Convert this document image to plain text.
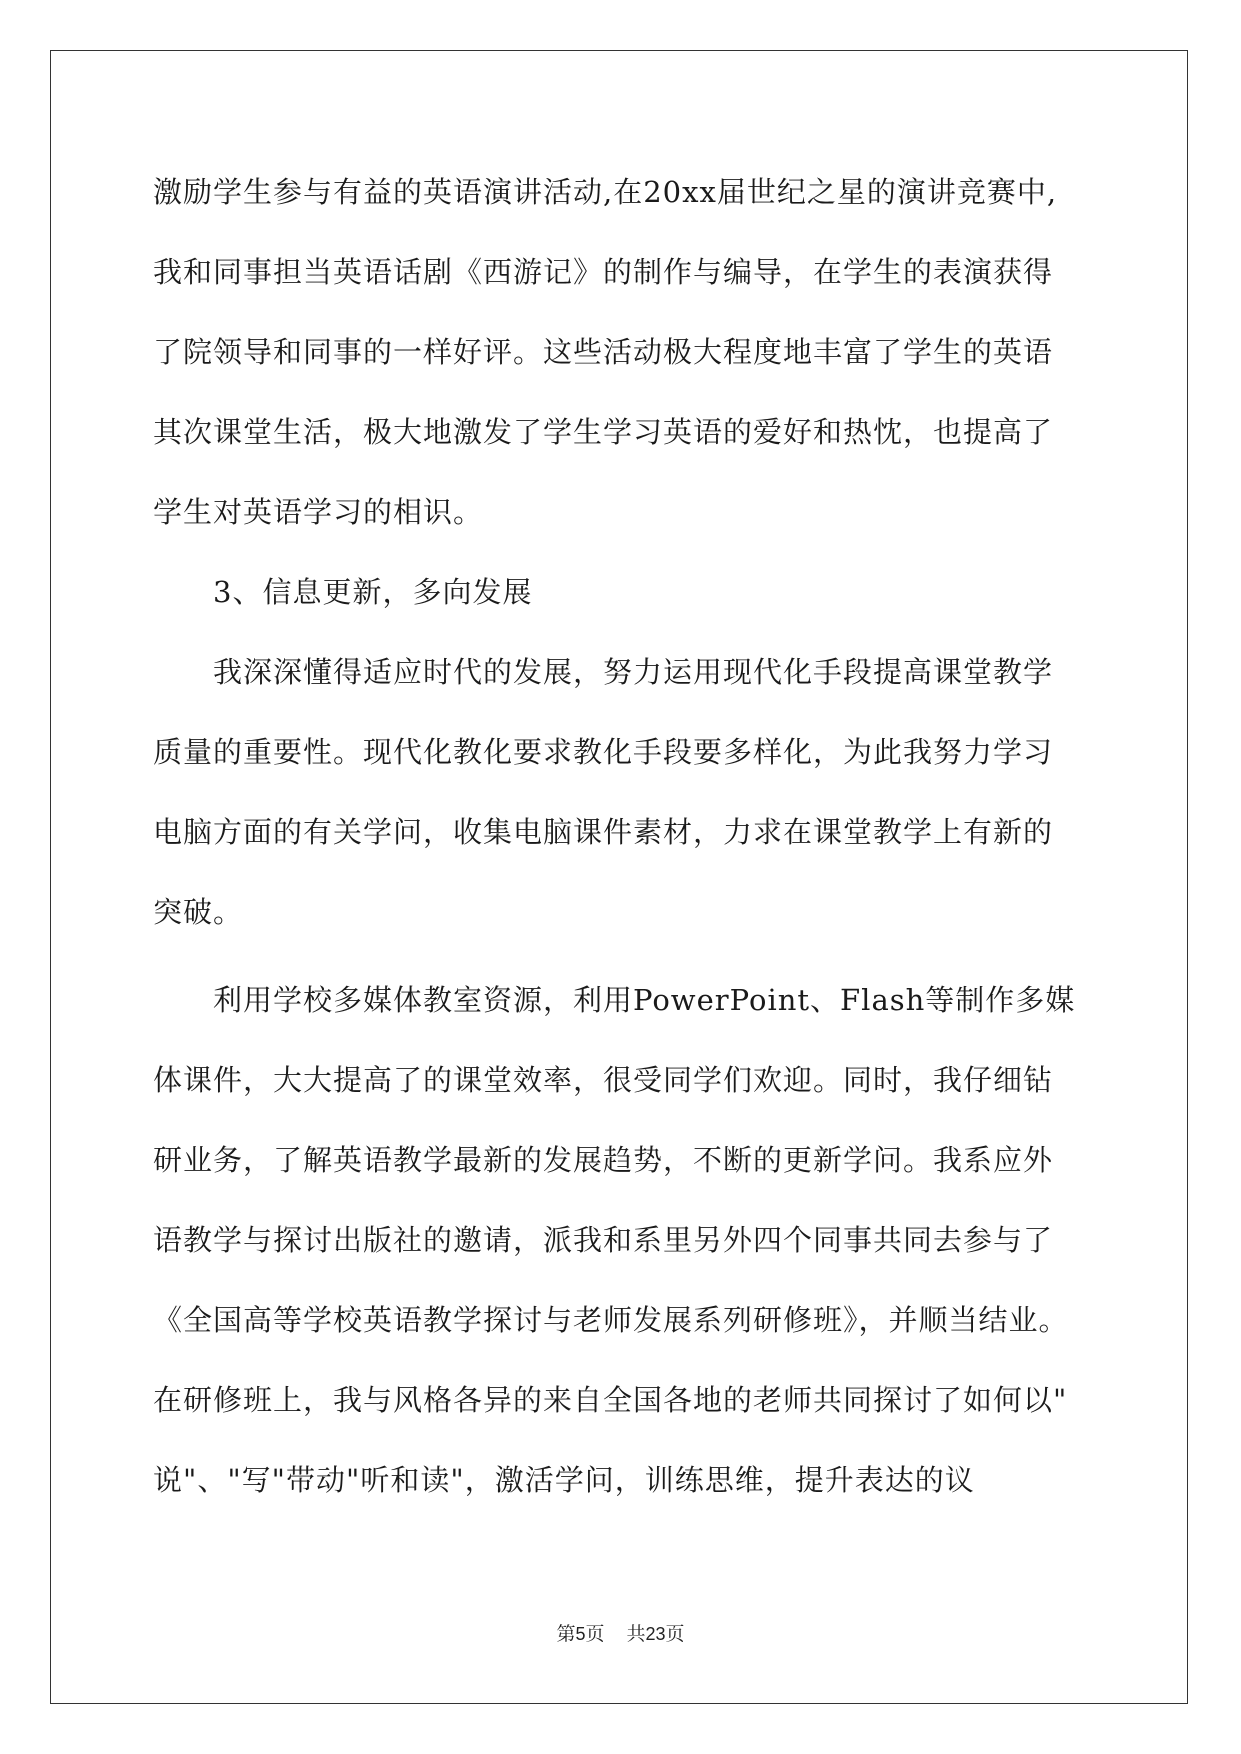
激励学生参与有益的英语演讲活动,在20xx届世纪之星的演讲竞赛中,
我和同事担当英语话剧《西游记》的制作与编导，在学生的表演获得
了院领导和同事的一样好评。这些活动极大程度地丰富了学生的英语
其次课堂生活，极大地激发了学生学习英语的爱好和热忱，也提高了
学生对英语学习的相识。
3、信息更新，多向发展
我深深懂得适应时代的发展，努力运用现代化手段提高课堂教学
质量的重要性。现代化教化要求教化手段要多样化，为此我努力学习
电脑方面的有关学问，收集电脑课件素材，力求在课堂教学上有新的
突破。
利用学校多媒体教室资源，利用PowerPoint、Flash等制作多媒
体课件，大大提高了的课堂效率，很受同学们欢迎。同时，我仔细钻
研业务，了解英语教学最新的发展趋势，不断的更新学问。我系应外
语教学与探讨出版社的邀请，派我和系里另外四个同事共同去参与了
《全国高等学校英语教学探讨与老师发展系列研修班》，并顺当结业。
在研修班上，我与风格各异的来自全国各地的老师共同探讨了如何以"
说"、"写"带动"听和读"，激活学问，训练思维，提升表达的议
第5页 共23页
